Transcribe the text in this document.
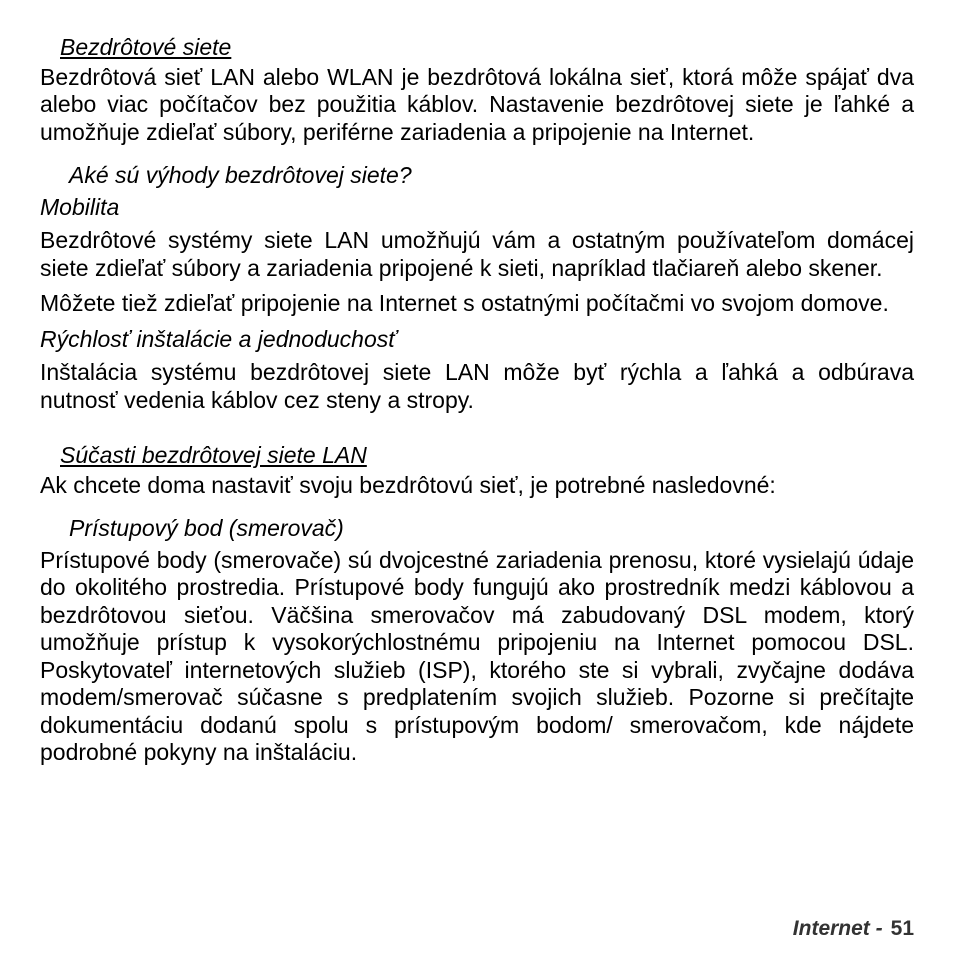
Bezdrôtové siete

Bezdrôtová sieť LAN alebo WLAN je bezdrôtová lokálna sieť, ktorá môže spájať dva alebo viac počítačov bez použitia káblov. Nastavenie bezdrôtovej siete je ľahké a umožňuje zdieľať súbory, periférne zariadenia a pripojenie na Internet.

Aké sú výhody bezdrôtovej siete?
Mobilita

Bezdrôtové systémy siete LAN umožňujú vám a ostatným používateľom domácej siete zdieľať súbory a zariadenia pripojené k sieti, napríklad tlačiareň alebo skener.

Môžete tiež zdieľať pripojenie na Internet s ostatnými počítačmi vo svojom domove.

Rýchlosť inštalácie a jednoduchosť

Inštalácia systému bezdrôtovej siete LAN môže byť rýchla a ľahká a odbúrava nutnosť vedenia káblov cez steny a stropy.

Súčasti bezdrôtovej siete LAN

Ak chcete doma nastaviť svoju bezdrôtovú sieť, je potrebné nasledovné:

Prístupový bod (smerovač)

Prístupové body (smerovače) sú dvojcestné zariadenia prenosu, ktoré vysielajú údaje do okolitého prostredia. Prístupové body fungujú ako prostredník medzi káblovou a bezdrôtovou sieťou. Väčšina smerovačov má zabudovaný DSL modem, ktorý umožňuje prístup k vysokorýchlostnému pripojeniu na Internet pomocou DSL. Poskytovateľ internetových služieb (ISP), ktorého ste si vybrali, zvyčajne dodáva modem/smerovač súčasne s predplatením svojich služieb. Pozorne si prečítajte dokumentáciu dodanú spolu s prístupovým bodom/ smerovačom, kde nájdete podrobné pokyny na inštaláciu.

Internet - 51
